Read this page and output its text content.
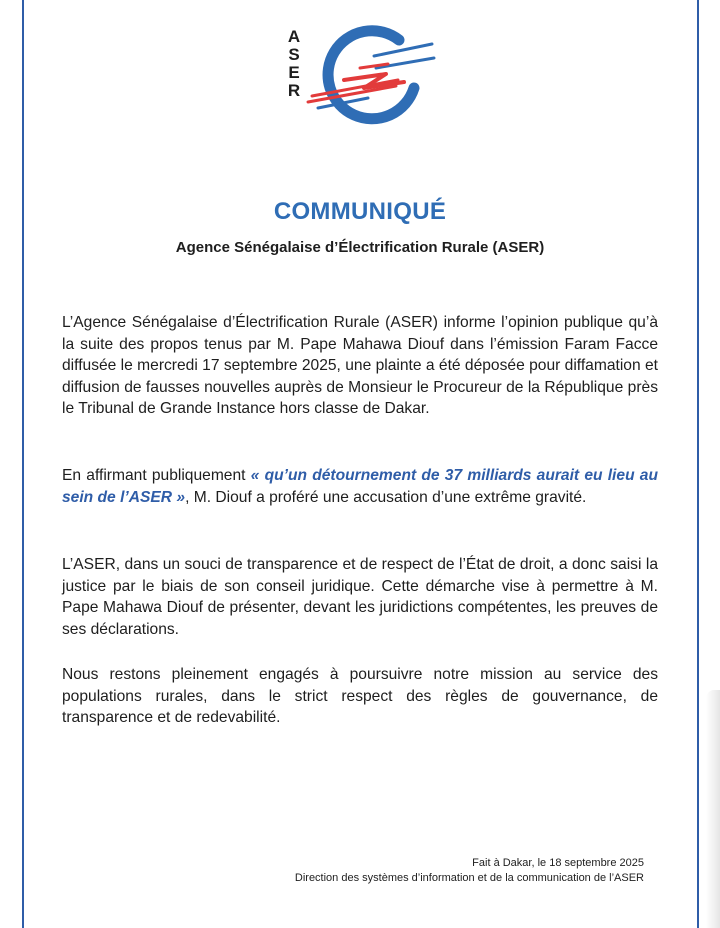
A
S
E
R
COMMUNIQUÉ
Agence Sénégalaise d’Électrification Rurale (ASER)

L’Agence Sénégalaise d’Électrification Rurale (ASER) informe l’opinion publique qu’à la suite des propos tenus par M. Pape Mahawa Diouf dans l’émission Faram Facce diffusée le mercredi 17 septembre 2025, une plainte a été déposée pour diffamation et diffusion de fausses nouvelles auprès de Monsieur le Procureur de la République près le Tribunal de Grande Instance hors classe de Dakar.

En affirmant publiquement « qu’un détournement de 37 milliards aurait eu lieu au sein de l’ASER », M. Diouf a proféré une accusation d’une extrême gravité.

L’ASER, dans un souci de transparence et de respect de l’État de droit, a donc saisi la justice par le biais de son conseil juridique. Cette démarche vise à permettre à M. Pape Mahawa Diouf de présenter, devant les juridictions compétentes, les preuves de ses déclarations.

Nous restons pleinement engagés à poursuivre notre mission au service des populations rurales, dans le strict respect des règles de gouvernance, de transparence et de redevabilité.

Fait à Dakar, le 18 septembre 2025
Direction des systèmes d’information et de la communication de l’ASER
